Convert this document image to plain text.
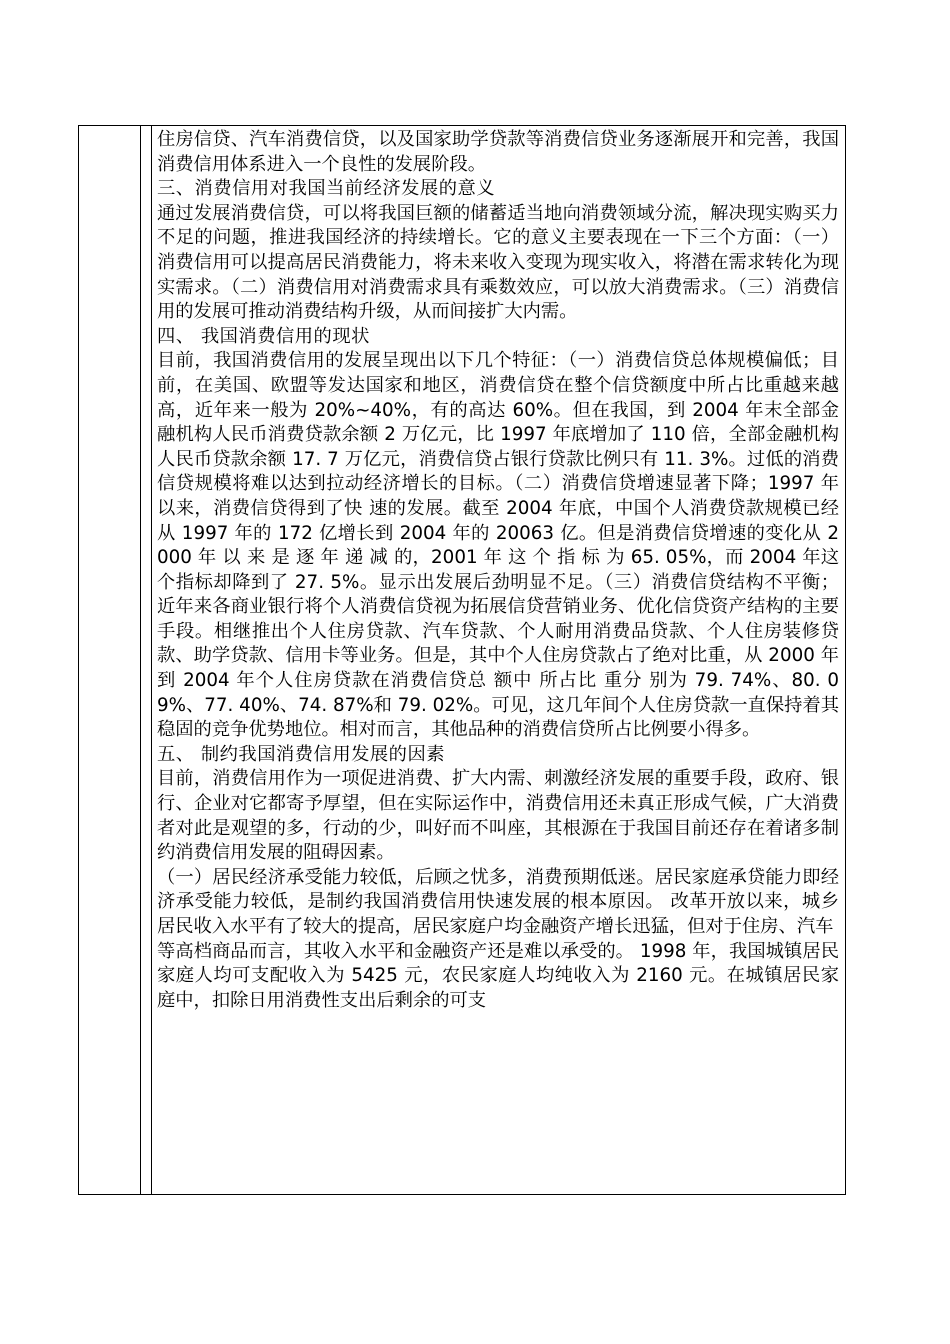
住房信贷、汽车消费信贷，以及国家助学贷款等消费信贷业务逐渐展开和完善，我国消费信用体系进入一个良性的发展阶段。

三、消费信用对我国当前经济发展的意义

通过发展消费信贷，可以将我国巨额的储蓄适当地向消费领域分流，解决现实购买力不足的问题，推进我国经济的持续增长。它的意义主要表现在一下三个方面：（一）消费信用可以提高居民消费能力，将未来收入变现为现实收入，将潜在需求转化为现实需求。（二）消费信用对消费需求具有乘数效应，可以放大消费需求。（三）消费信用的发展可推动消费结构升级，从而间接扩大内需。

四、 我国消费信用的现状

目前，我国消费信用的发展呈现出以下几个特征：（一）消费信贷总体规模偏低；目前，在美国、欧盟等发达国家和地区，消费信贷在整个信贷额度中所占比重越来越高，近年来一般为 20%~40%，有的高达 60%。但在我国，到 2004 年末全部金融机构人民币消费贷款余额 2 万亿元，比 1997 年底增加了 110 倍，全部金融机构人民币贷款余额 17. 7 万亿元，消费信贷占银行贷款比例只有 11. 3%。过低的消费信贷规模将难以达到拉动经济增长的目标。（二）消费信贷增速显著下降；1997 年以来，消费信贷得到了快 速的发展。截至 2004 年底，中国个人消费贷款规模已经从 1997 年的 172 亿增长到 2004 年的 20063 亿。但是消费信贷增速的变化从 2000 年 以 来 是 逐 年 递 减 的，2001 年 这 个 指 标 为 65. 05%，而 2004 年这个指标却降到了 27. 5%。显示出发展后劲明显不足。（三）消费信贷结构不平衡；近年来各商业银行将个人消费信贷视为拓展信贷营销业务、优化信贷资产结构的主要手段。相继推出个人住房贷款、汽车贷款、个人耐用消费品贷款、个人住房装修贷款、助学贷款、信用卡等业务。但是，其中个人住房贷款占了绝对比重，从 2000 年到 2004 年个人住房贷款在消费信贷总 额中 所占比 重分 别为 79. 74%、80. 09%、77. 40%、74. 87%和 79. 02%。可见，这几年间个人住房贷款一直保持着其稳固的竞争优势地位。相对而言，其他品种的消费信贷所占比例要小得多。

五、 制约我国消费信用发展的因素

目前，消费信用作为一项促进消费、扩大内需、刺激经济发展的重要手段，政府、银行、企业对它都寄予厚望，但在实际运作中，消费信用还未真正形成气候，广大消费者对此是观望的多，行动的少，叫好而不叫座，其根源在于我国目前还存在着诸多制约消费信用发展的阻碍因素。

（一）居民经济承受能力较低，后顾之忧多，消费预期低迷。居民家庭承贷能力即经济承受能力较低，是制约我国消费信用快速发展的根本原因。 改革开放以来，城乡居民收入水平有了较大的提高，居民家庭户均金融资产增长迅猛，但对于住房、汽车

等高档商品而言，其收入水平和金融资产还是难以承受的。 1998 年，我国城镇居民家庭人均可支配收入为 5425 元，农民家庭人均纯收入为 2160 元。在城镇居民家庭中，扣除日用消费性支出后剩余的可支
